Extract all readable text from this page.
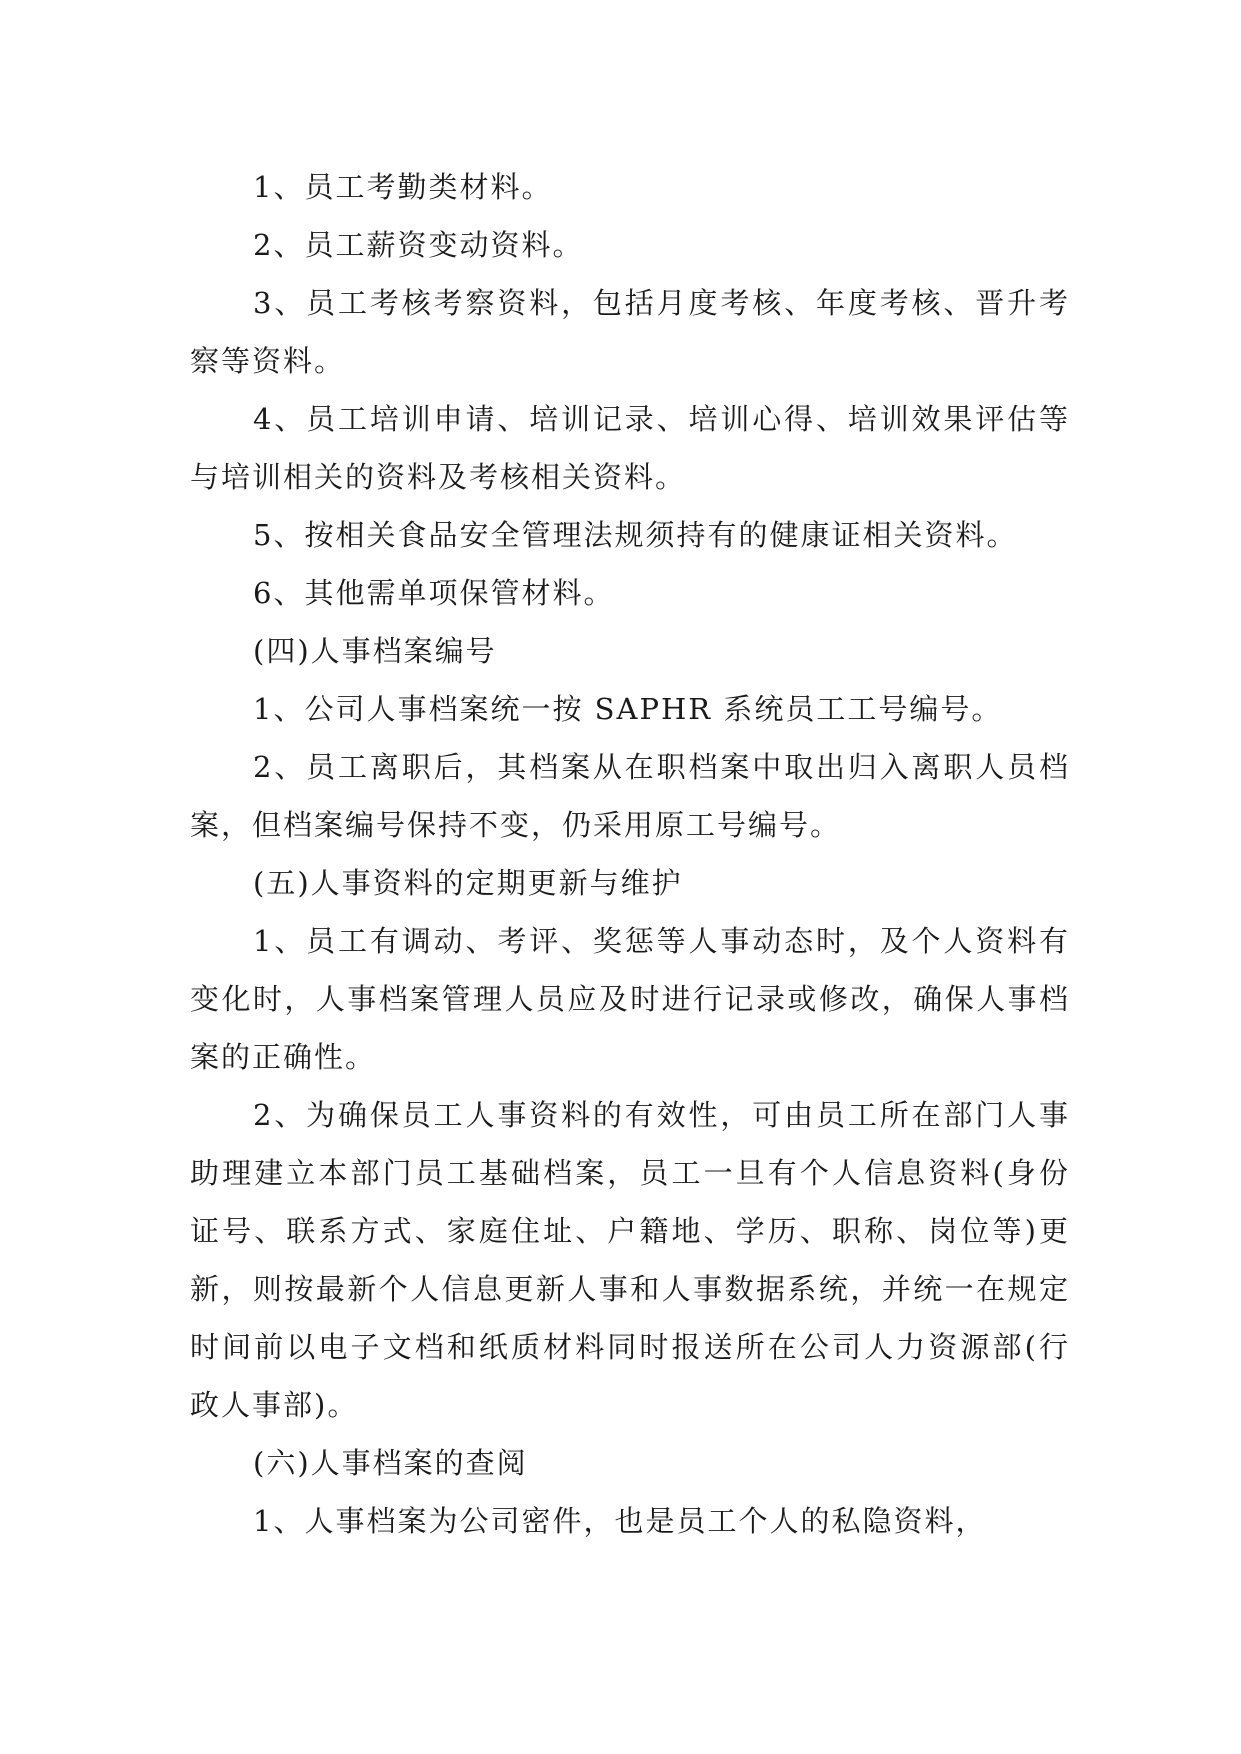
1、员工考勤类材料。

2、员工薪资变动资料。

3、员工考核考察资料，包括月度考核、年度考核、晋升考察等资料。

4、员工培训申请、培训记录、培训心得、培训效果评估等与培训相关的资料及考核相关资料。

5、按相关食品安全管理法规须持有的健康证相关资料。

6、其他需单项保管材料。

(四)人事档案编号

1、公司人事档案统一按 SAPHR 系统员工工号编号。

2、员工离职后，其档案从在职档案中取出归入离职人员档案，但档案编号保持不变，仍采用原工号编号。

(五)人事资料的定期更新与维护

1、员工有调动、考评、奖惩等人事动态时，及个人资料有变化时，人事档案管理人员应及时进行记录或修改，确保人事档案的正确性。

2、为确保员工人事资料的有效性，可由员工所在部门人事助理建立本部门员工基础档案，员工一旦有个人信息资料(身份证号、联系方式、家庭住址、户籍地、学历、职称、岗位等)更新，则按最新个人信息更新人事和人事数据系统，并统一在规定时间前以电子文档和纸质材料同时报送所在公司人力资源部(行政人事部)。

(六)人事档案的查阅

1、人事档案为公司密件，也是员工个人的私隐资料，
